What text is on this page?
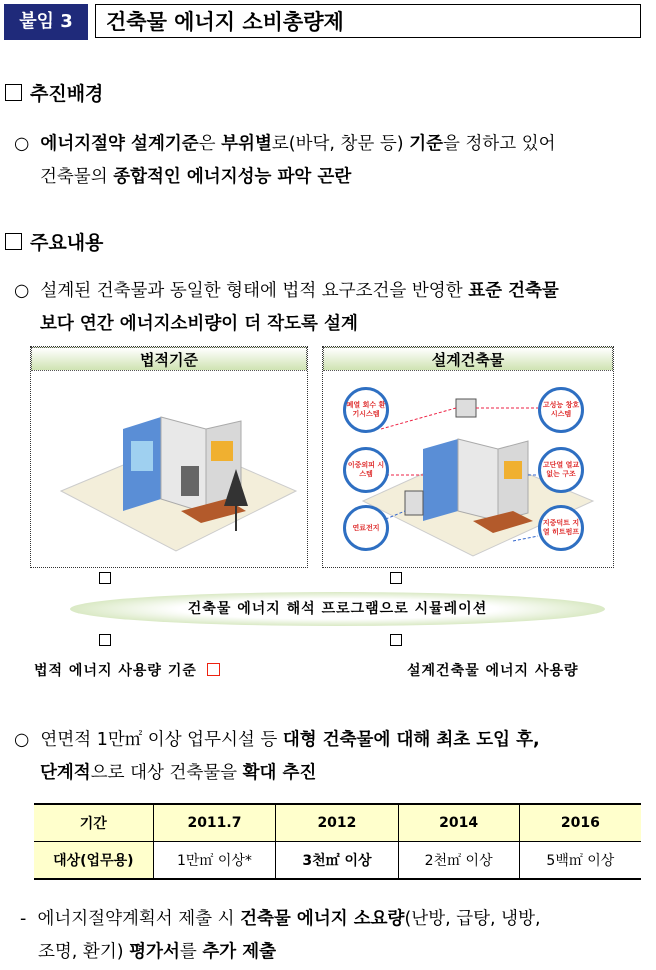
붙임 3	건축물 에너지 소비총량제
추진배경
○ 에너지절약 설계기준은 부위별로(바닥, 창문 등) 기준을 정하고 있어
건축물의 종합적인 에너지성능 파악 곤란
주요내용
○ 설계된 건축물과 동일한 형태에 법적 요구조건을 반영한 표준 건축물
보다 연간 에너지소비량이 더 작도록 설계
법적기준	설계건축물
폐열 회수 환기시스템
고성능 창호시스템
이중외피 시스템
고단열 열교 없는 구조
연료전지
지중덕트 지열 히트펌프
건축물 에너지 해석 프로그램으로 시뮬레이션
법적 에너지 사용량 기준	설계건축물 에너지 사용량
○ 연면적 1만㎡ 이상 업무시설 등 대형 건축물에 대해 최초 도입 후,
단계적으로 대상 건축물을 확대 추진
기간	2011.7	2012	2014	2016
대상(업무용)	1만㎡ 이상*	3천㎡ 이상	2천㎡ 이상	5백㎡ 이상
- 에너지절약계획서 제출 시 건축물 에너지 소요량(난방, 급탕, 냉방,
조명, 환기) 평가서를 추가 제출
